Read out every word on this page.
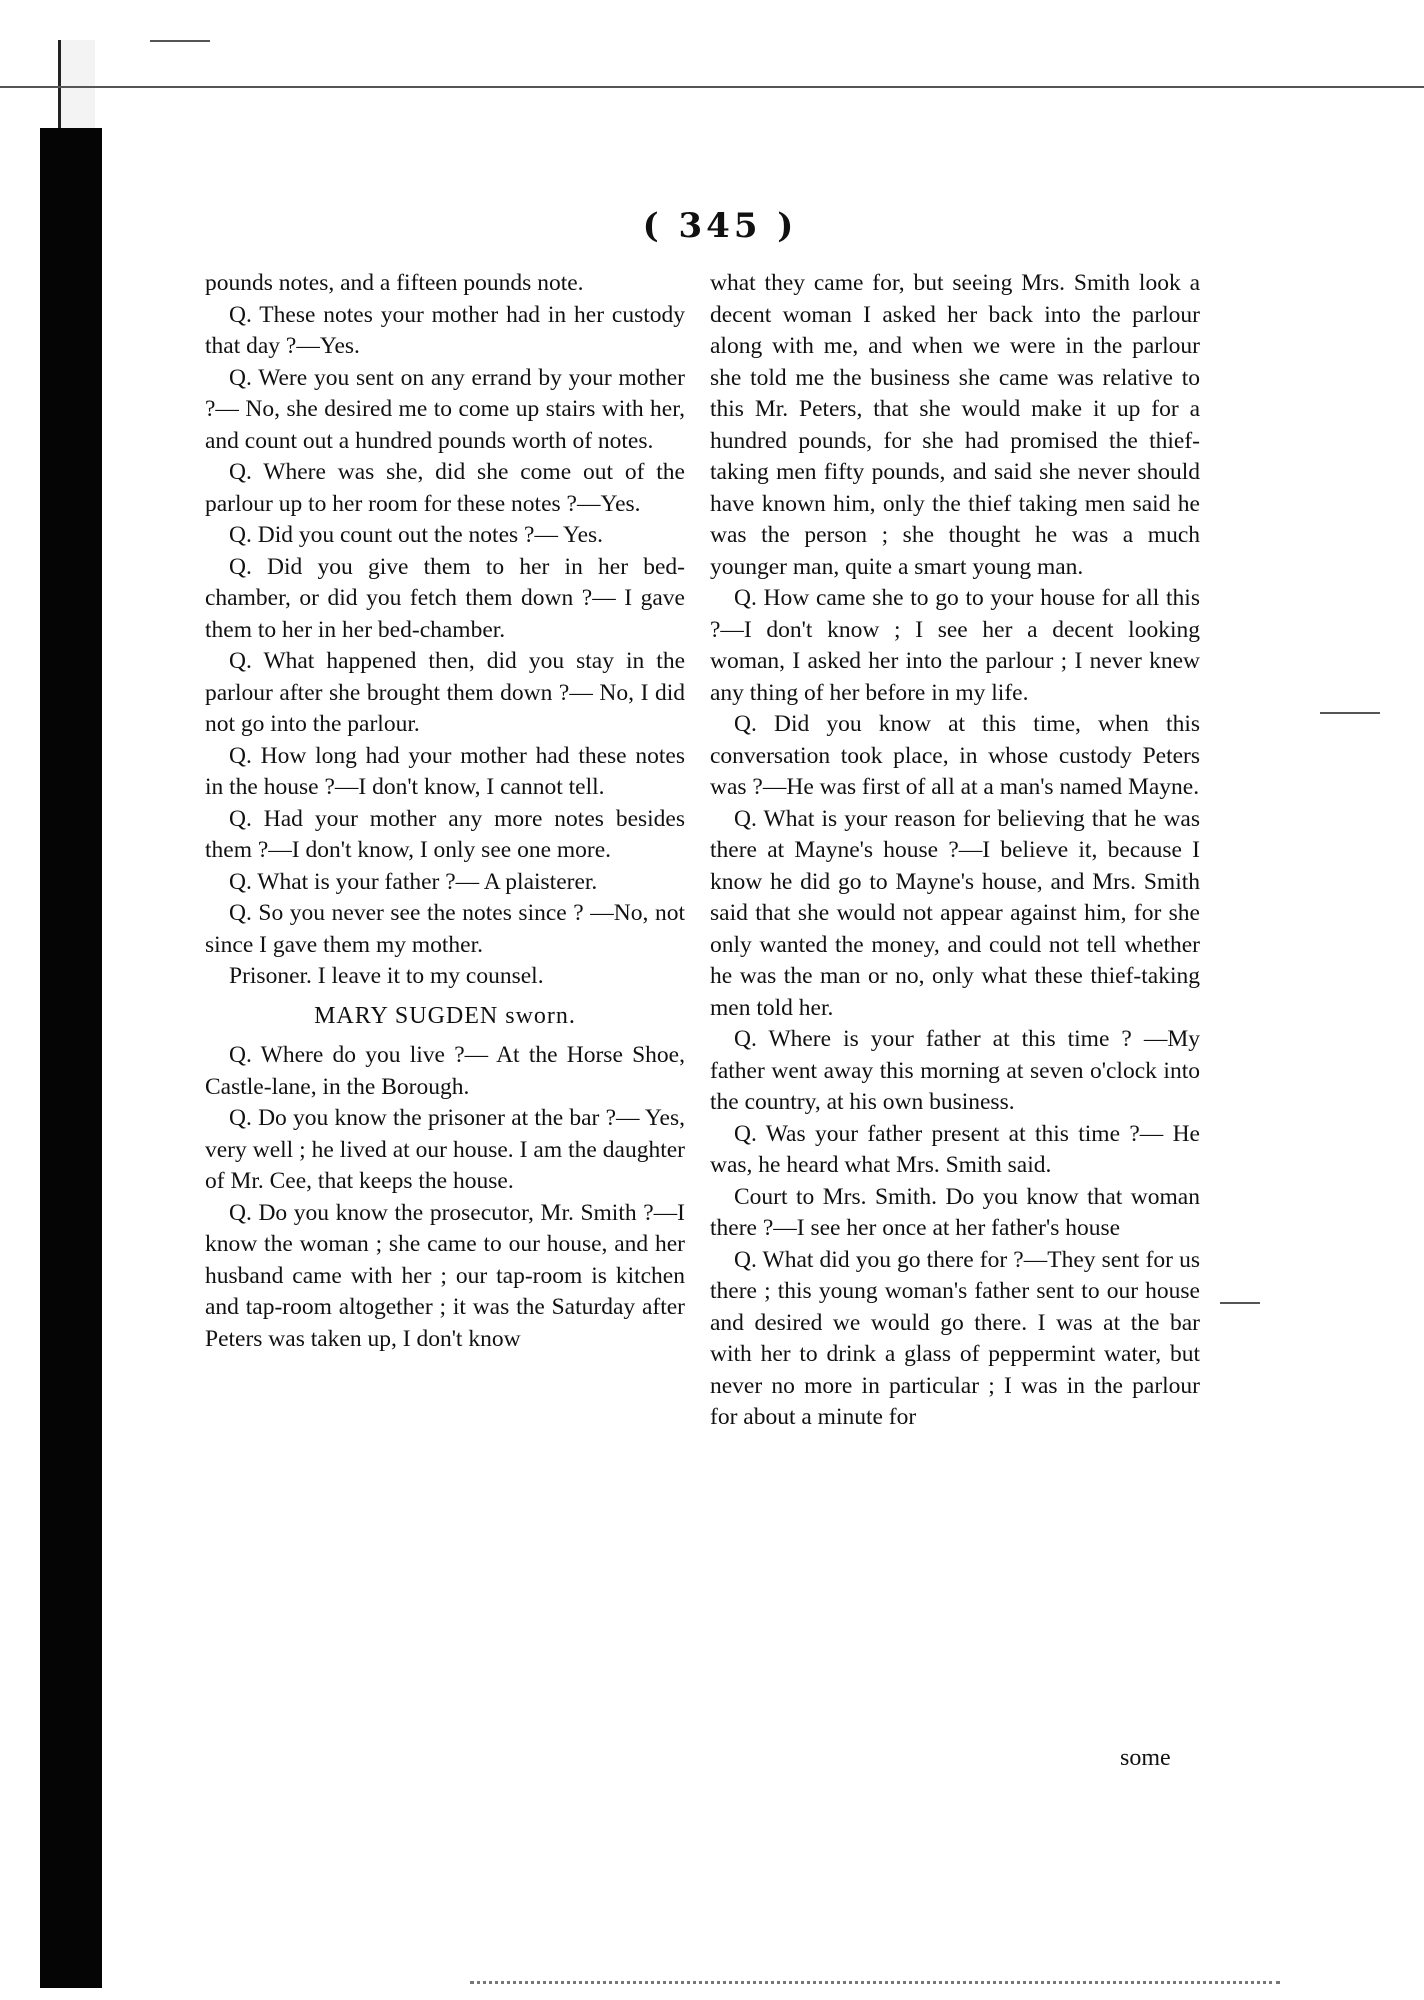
( 345 )

pounds notes, and a fifteen pounds note.

Q. These notes your mother had in her custody that day ?—Yes.

Q. Were you sent on any errand by your mother ?— No, she desired me to come up stairs with her, and count out a hundred pounds worth of notes.

Q. Where was she, did she come out of the parlour up to her room for these notes ?—Yes.

Q. Did you count out the notes ?— Yes.

Q. Did you give them to her in her bed-chamber, or did you fetch them down ?— I gave them to her in her bed-chamber.

Q. What happened then, did you stay in the parlour after she brought them down ?— No, I did not go into the parlour.

Q. How long had your mother had these notes in the house ?—I don't know, I cannot tell.

Q. Had your mother any more notes besides them ?—I don't know, I only see one more.

Q. What is your father ?— A plaisterer.

Q. So you never see the notes since ? —No, not since I gave them my mother.

Prisoner. I leave it to my counsel.

MARY SUGDEN sworn.

Q. Where do you live ?— At the Horse Shoe, Castle-lane, in the Borough.

Q. Do you know the prisoner at the bar ?— Yes, very well ; he lived at our house. I am the daughter of Mr. Cee, that keeps the house.

Q. Do you know the prosecutor, Mr. Smith ?—I know the woman ; she came to our house, and her husband came with her ; our tap-room is kitchen and tap-room altogether ; it was the Saturday after Peters was taken up, I don't know

what they came for, but seeing Mrs. Smith look a decent woman I asked her back into the parlour along with me, and when we were in the parlour she told me the business she came was relative to this Mr. Peters, that she would make it up for a hundred pounds, for she had promised the thief-taking men fifty pounds, and said she never should have known him, only the thief taking men said he was the person ; she thought he was a much younger man, quite a smart young man.

Q. How came she to go to your house for all this ?—I don't know ; I see her a decent looking woman, I asked her into the parlour ; I never knew any thing of her before in my life.

Q. Did you know at this time, when this conversation took place, in whose custody Peters was ?—He was first of all at a man's named Mayne.

Q. What is your reason for believing that he was there at Mayne's house ?—I believe it, because I know he did go to Mayne's house, and Mrs. Smith said that she would not appear against him, for she only wanted the money, and could not tell whether he was the man or no, only what these thief-taking men told her.

Q. Where is your father at this time ? —My father went away this morning at seven o'clock into the country, at his own business.

Q. Was your father present at this time ?— He was, he heard what Mrs. Smith said.

Court to Mrs. Smith. Do you know that woman there ?—I see her once at her father's house

Q. What did you go there for ?—They sent for us there ; this young woman's father sent to our house and desired we would go there. I was at the bar with her to drink a glass of peppermint water, but never no more in particular ; I was in the parlour for about a minute for

some
